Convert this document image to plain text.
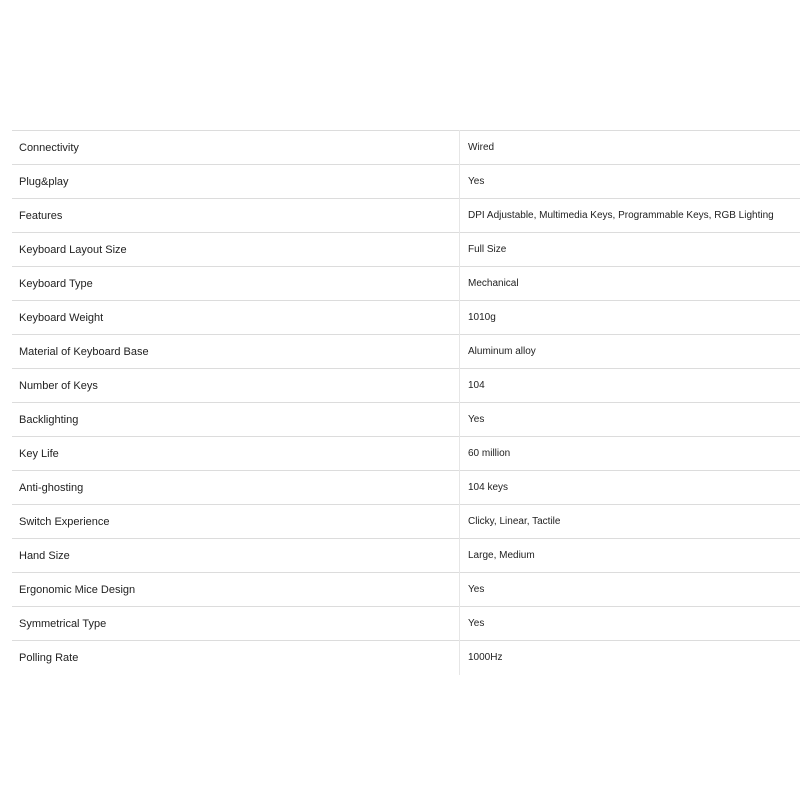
Connectivity	Wired
Plug&play	Yes
Features	DPI Adjustable, Multimedia Keys, Programmable Keys, RGB Lighting
Keyboard Layout Size	Full Size
Keyboard Type	Mechanical
Keyboard Weight	1010g
Material of Keyboard Base	Aluminum alloy
Number of Keys	104
Backlighting	Yes
Key Life	60 million
Anti-ghosting	104 keys
Switch Experience	Clicky, Linear, Tactile
Hand Size	Large, Medium
Ergonomic Mice Design	Yes
Symmetrical Type	Yes
Polling Rate	1000Hz
